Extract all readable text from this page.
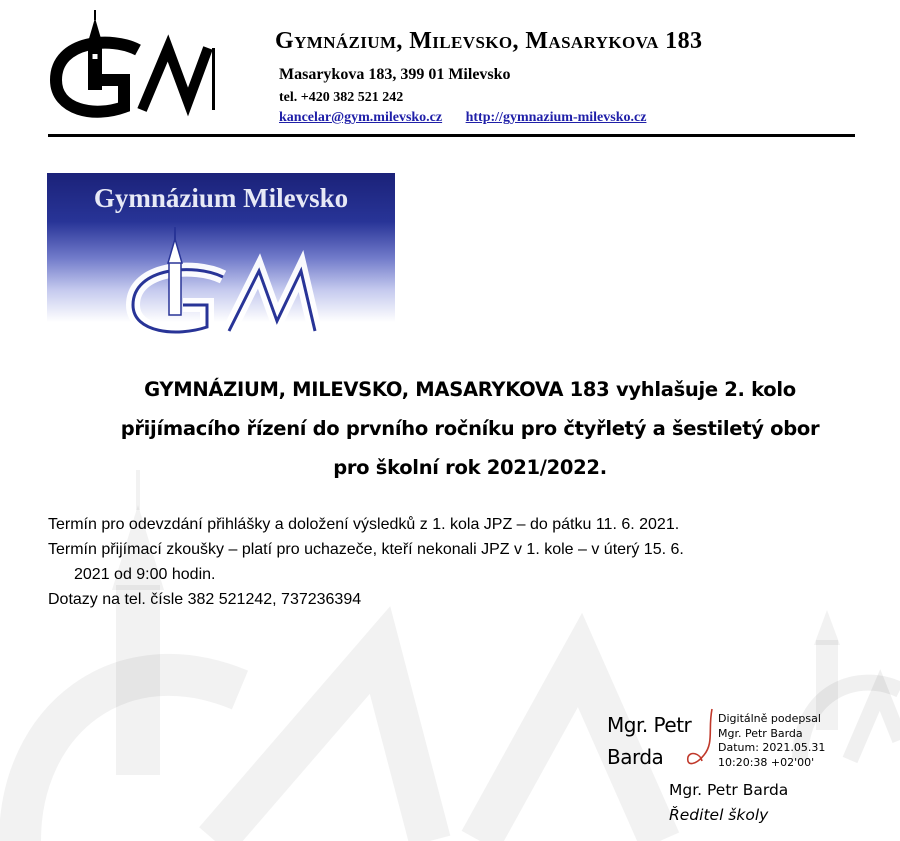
Gymnázium, Milevsko, Masarykova 183
Masarykova 183, 399 01 Milevsko
tel. +420 382 521 242
kancelar@gym.milevsko.cz http://gymnazium-milevsko.cz
Gymnázium Milevsko
GYMNÁZIUM, MILEVSKO, MASARYKOVA 183 vyhlašuje 2. kolo
přijímacího řízení do prvního ročníku pro čtyřletý a šestiletý obor
pro školní rok 2021/2022.

Termín pro odevzdání přihlášky a doložení výsledků z 1. kola JPZ – do pátku 11. 6. 2021.

Termín přijímací zkoušky – platí pro uchazeče, kteří nekonali JPZ v 1. kole – v úterý 15. 6.

2021 od 9:00 hodin.

Dotazy na tel. čísle 382 521242, 737236394

Mgr. Petr
Barda
Digitálně podepsal
Mgr. Petr Barda
Datum: 2021.05.31
10:20:38 +02'00'
Mgr. Petr Barda
Ředitel školy
